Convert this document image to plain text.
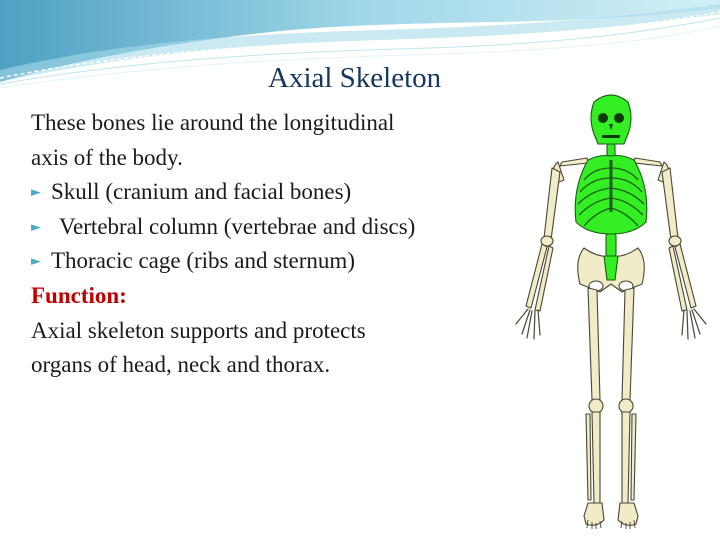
Axial Skeleton
These bones lie around the longitudinal
axis of the body.
► Skull (cranium and facial bones)
► Vertebral column (vertebrae and discs)
► Thoracic cage (ribs and sternum)
Function:
Axial skeleton supports and protects
organs of head, neck and thorax.
